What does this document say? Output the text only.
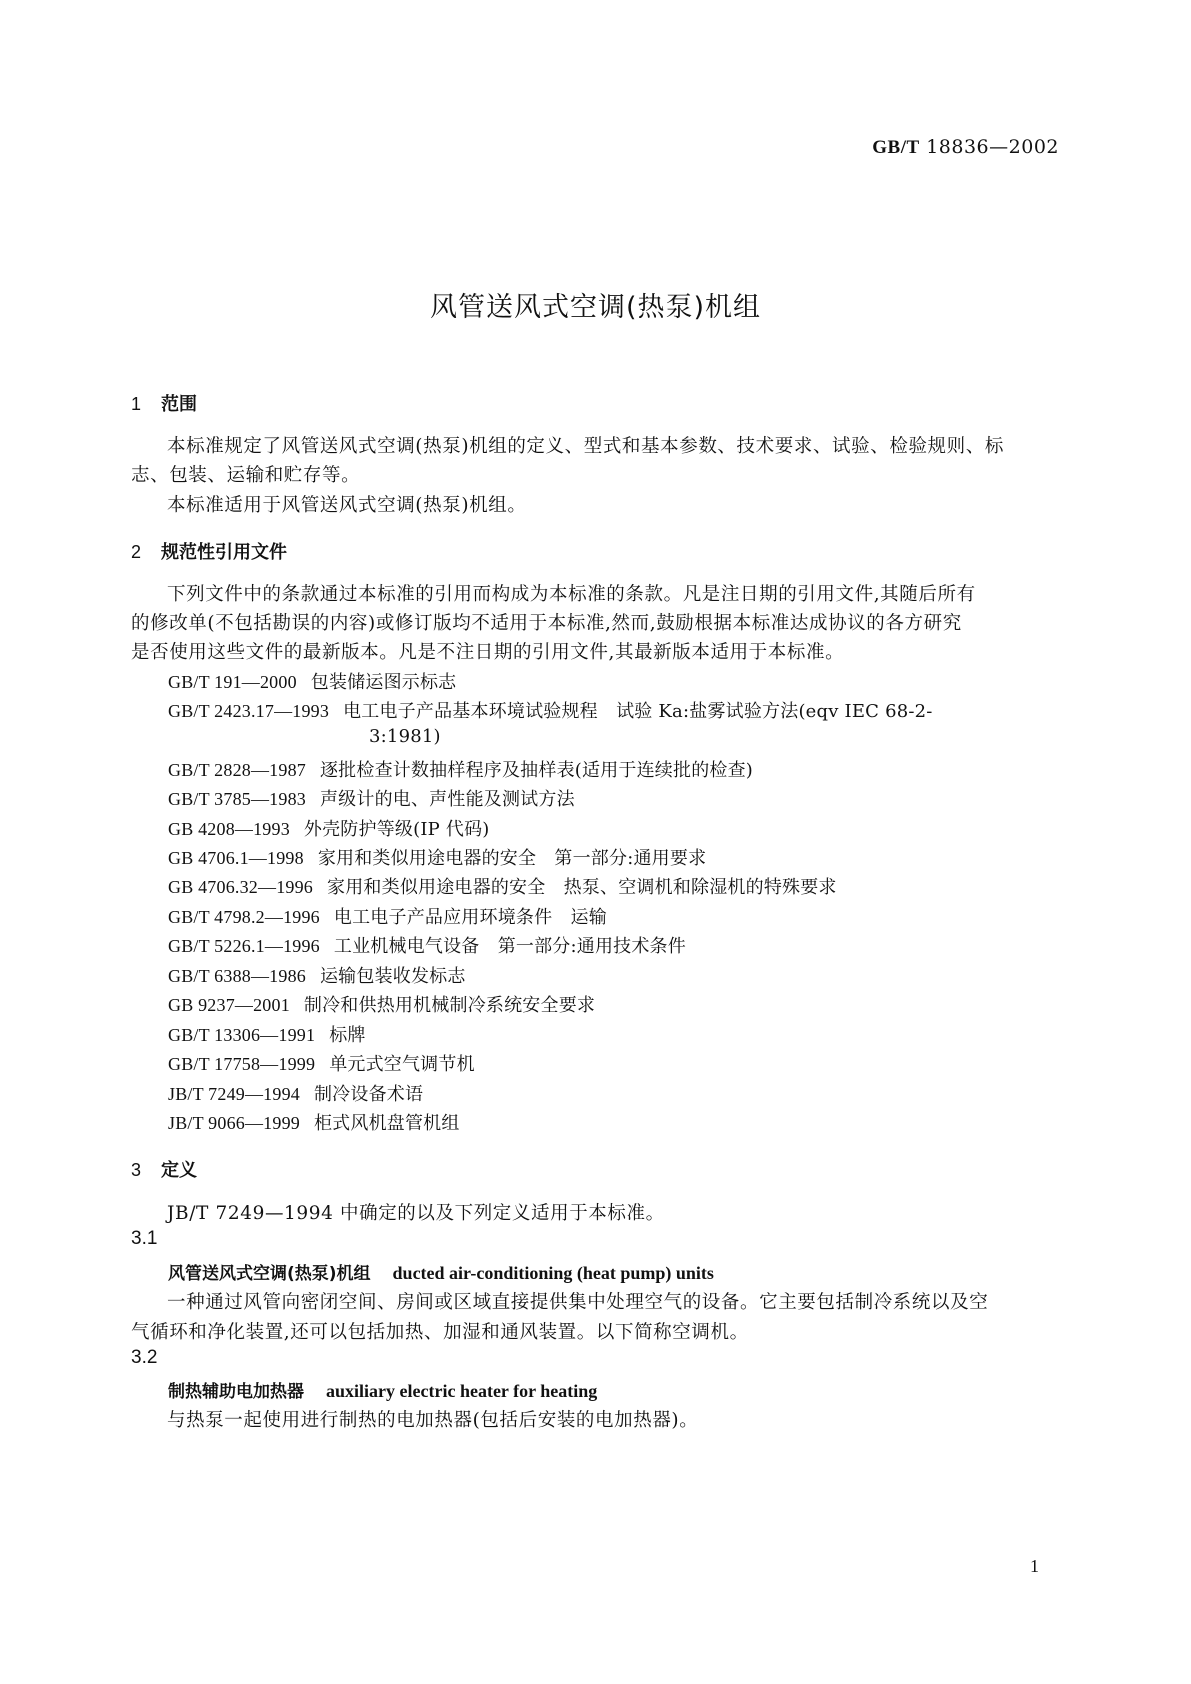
GB/T 18836—2002
风管送风式空调(热泵)机组
1 范围
本标准规定了风管送风式空调(热泵)机组的定义、型式和基本参数、技术要求、试验、检验规则、标
志、包装、运输和贮存等。
本标准适用于风管送风式空调(热泵)机组。
2 规范性引用文件
下列文件中的条款通过本标准的引用而构成为本标准的条款。凡是注日期的引用文件,其随后所有
的修改单(不包括勘误的内容)或修订版均不适用于本标准,然而,鼓励根据本标准达成协议的各方研究
是否使用这些文件的最新版本。凡是不注日期的引用文件,其最新版本适用于本标准。
GB/T 191—2000 包装储运图示标志
GB/T 2423.17—1993 电工电子产品基本环境试验规程　试验 Ka:盐雾试验方法(eqv IEC 68-2-
3:1981)
GB/T 2828—1987 逐批检查计数抽样程序及抽样表(适用于连续批的检查)
GB/T 3785—1983 声级计的电、声性能及测试方法
GB 4208—1993 外壳防护等级(IP 代码)
GB 4706.1—1998 家用和类似用途电器的安全　第一部分:通用要求
GB 4706.32—1996 家用和类似用途电器的安全　热泵、空调机和除湿机的特殊要求
GB/T 4798.2—1996 电工电子产品应用环境条件　运输
GB/T 5226.1—1996 工业机械电气设备　第一部分:通用技术条件
GB/T 6388—1986 运输包装收发标志
GB 9237—2001 制冷和供热用机械制冷系统安全要求
GB/T 13306—1991 标牌
GB/T 17758—1999 单元式空气调节机
JB/T 7249—1994 制冷设备术语
JB/T 9066—1999 柜式风机盘管机组
3 定义
JB/T 7249—1994 中确定的以及下列定义适用于本标准。
3.1
风管送风式空调(热泵)机组 ducted air-conditioning (heat pump) units
一种通过风管向密闭空间、房间或区域直接提供集中处理空气的设备。它主要包括制冷系统以及空
气循环和净化装置,还可以包括加热、加湿和通风装置。以下简称空调机。
3.2
制热辅助电加热器 auxiliary electric heater for heating
与热泵一起使用进行制热的电加热器(包括后安装的电加热器)。
1
